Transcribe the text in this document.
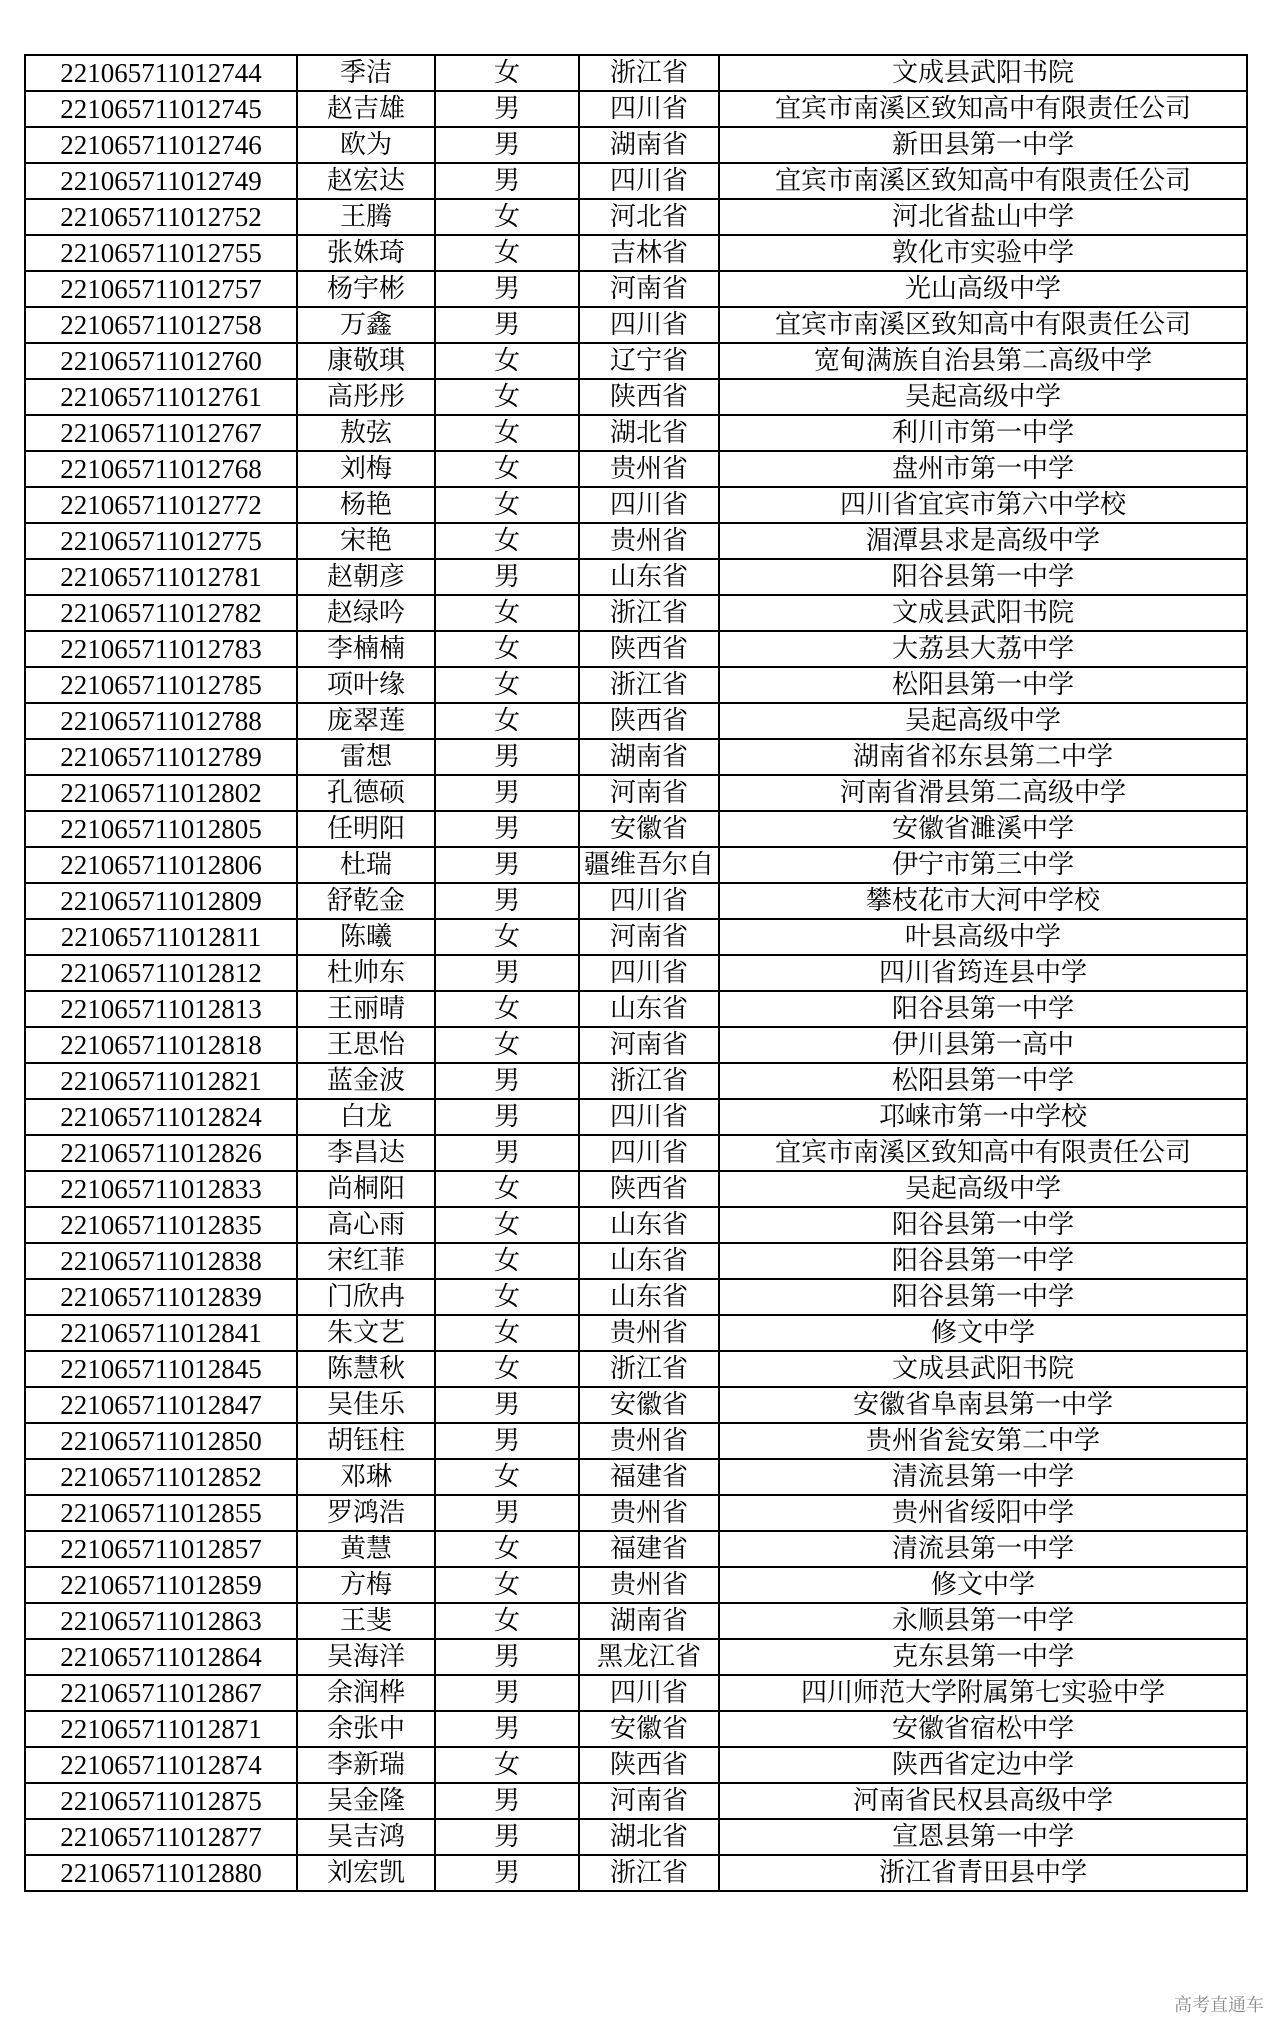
221065711012744	季洁	女	浙江省	文成县武阳书院
221065711012745	赵吉雄	男	四川省	宜宾市南溪区致知高中有限责任公司
221065711012746	欧为	男	湖南省	新田县第一中学
221065711012749	赵宏达	男	四川省	宜宾市南溪区致知高中有限责任公司
221065711012752	王腾	女	河北省	河北省盐山中学
221065711012755	张姝琦	女	吉林省	敦化市实验中学
221065711012757	杨宇彬	男	河南省	光山高级中学
221065711012758	万鑫	男	四川省	宜宾市南溪区致知高中有限责任公司
221065711012760	康敬琪	女	辽宁省	宽甸满族自治县第二高级中学
221065711012761	高彤彤	女	陕西省	吴起高级中学
221065711012767	敖弦	女	湖北省	利川市第一中学
221065711012768	刘梅	女	贵州省	盘州市第一中学
221065711012772	杨艳	女	四川省	四川省宜宾市第六中学校
221065711012775	宋艳	女	贵州省	湄潭县求是高级中学
221065711012781	赵朝彦	男	山东省	阳谷县第一中学
221065711012782	赵绿吟	女	浙江省	文成县武阳书院
221065711012783	李楠楠	女	陕西省	大荔县大荔中学
221065711012785	项叶缘	女	浙江省	松阳县第一中学
221065711012788	庞翠莲	女	陕西省	吴起高级中学
221065711012789	雷想	男	湖南省	湖南省祁东县第二中学
221065711012802	孔德硕	男	河南省	河南省滑县第二高级中学
221065711012805	任明阳	男	安徽省	安徽省濉溪中学
221065711012806	杜瑞	男	疆维吾尔自	伊宁市第三中学
221065711012809	舒乾金	男	四川省	攀枝花市大河中学校
221065711012811	陈曦	女	河南省	叶县高级中学
221065711012812	杜帅东	男	四川省	四川省筠连县中学
221065711012813	王丽晴	女	山东省	阳谷县第一中学
221065711012818	王思怡	女	河南省	伊川县第一高中
221065711012821	蓝金波	男	浙江省	松阳县第一中学
221065711012824	白龙	男	四川省	邛崃市第一中学校
221065711012826	李昌达	男	四川省	宜宾市南溪区致知高中有限责任公司
221065711012833	尚桐阳	女	陕西省	吴起高级中学
221065711012835	高心雨	女	山东省	阳谷县第一中学
221065711012838	宋红菲	女	山东省	阳谷县第一中学
221065711012839	门欣冉	女	山东省	阳谷县第一中学
221065711012841	朱文艺	女	贵州省	修文中学
221065711012845	陈慧秋	女	浙江省	文成县武阳书院
221065711012847	吴佳乐	男	安徽省	安徽省阜南县第一中学
221065711012850	胡钰柱	男	贵州省	贵州省瓮安第二中学
221065711012852	邓琳	女	福建省	清流县第一中学
221065711012855	罗鸿浩	男	贵州省	贵州省绥阳中学
221065711012857	黄慧	女	福建省	清流县第一中学
221065711012859	方梅	女	贵州省	修文中学
221065711012863	王斐	女	湖南省	永顺县第一中学
221065711012864	吴海洋	男	黑龙江省	克东县第一中学
221065711012867	余润桦	男	四川省	四川师范大学附属第七实验中学
221065711012871	余张中	男	安徽省	安徽省宿松中学
221065711012874	李新瑞	女	陕西省	陕西省定边中学
221065711012875	吴金隆	男	河南省	河南省民权县高级中学
221065711012877	吴吉鸿	男	湖北省	宣恩县第一中学
221065711012880	刘宏凯	男	浙江省	浙江省青田县中学
高考直通车
